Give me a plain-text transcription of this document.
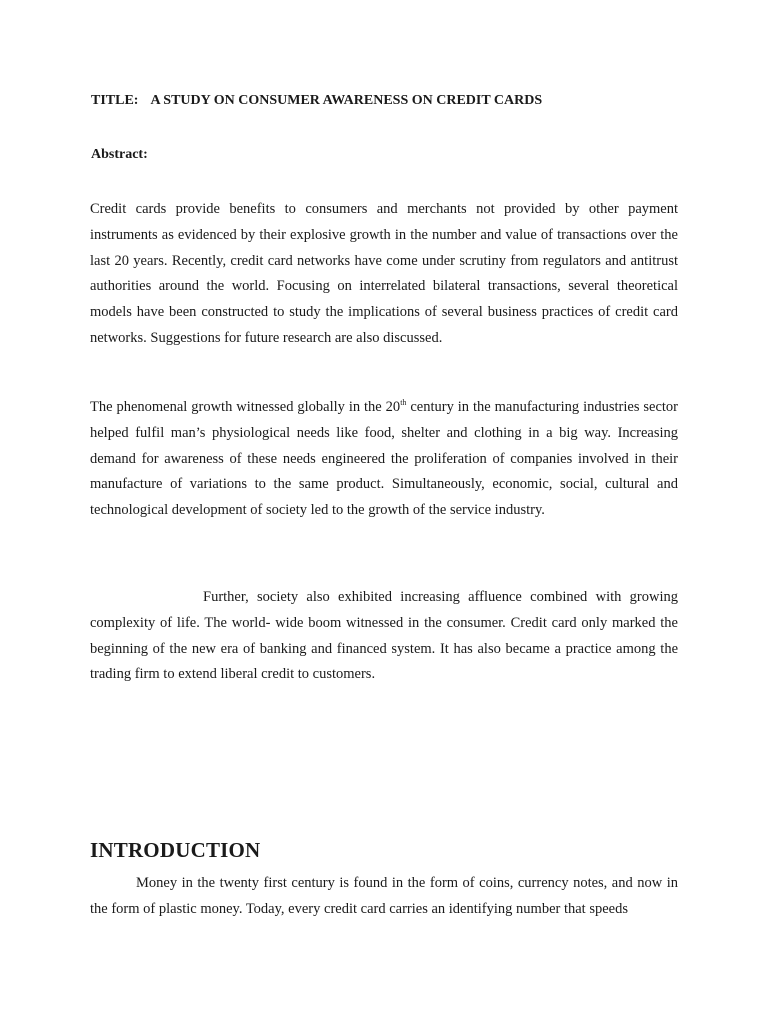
TITLE: A STUDY ON CONSUMER AWARENESS ON CREDIT CARDS
Abstract:

Credit cards provide benefits to consumers and merchants not provided by other payment instruments as evidenced by their explosive growth in the number and value of transactions over the last 20 years. Recently, credit card networks have come under scrutiny from regulators and antitrust authorities around the world. Focusing on interrelated bilateral transactions, several theoretical models have been constructed to study the implications of several business practices of credit card networks. Suggestions for future research are also discussed.

The phenomenal growth witnessed globally in the 20th century in the manufacturing industries sector helped fulfil man’s physiological needs like food, shelter and clothing in a big way. Increasing demand for awareness of these needs engineered the proliferation of companies involved in their manufacture of variations to the same product. Simultaneously, economic, social, cultural and technological development of society led to the growth of the service industry.

Further, society also exhibited increasing affluence combined with growing complexity of life. The world- wide boom witnessed in the consumer. Credit card only marked the beginning of the new era of banking and financed system. It has also became a practice among the trading firm to extend liberal credit to customers.

INTRODUCTION

Money in the twenty first century is found in the form of coins, currency notes, and now in the form of plastic money. Today, every credit card carries an identifying number that speeds
